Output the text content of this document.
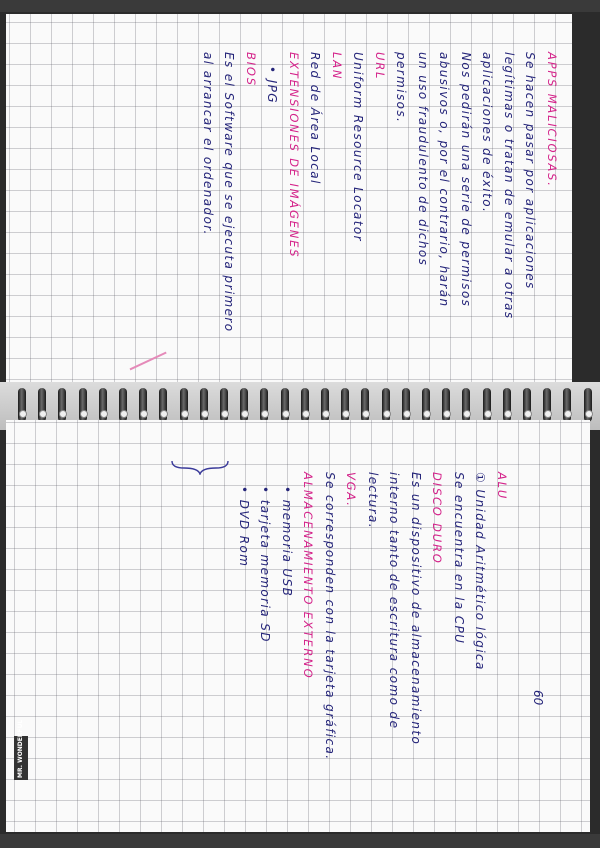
APPS MALICIOSAS.
Se hacen pasar por aplicaciones
legítimas o tratan de emular a otras
aplicaciones de éxito.
Nos pedirán una serie de permisos
abusivos o, por el contrario, harán
un uso fraudulento de dichos
permisos.
URL
Uniform Resource Locator
LAN
Red de Área Local
EXTENSIONES DE IMÁGENES
• JPG
BIOS
Es el Software que se ejecuta primero
al arrancar el ordenador.
ALU
① Unidad Aritmético lógica
Se encuentra en la CPU
DISCO DURO
Es un dispositivo de almacenamiento
interno tanto de escritura como de
lectura.
VGA.
Se corresponden con la tarjeta gráfica.
ALMACENAMIENTO EXTERNO
• memoria USB
• tarjeta memoria SD
• DVD Rom
60
MR. WONDERFUL
